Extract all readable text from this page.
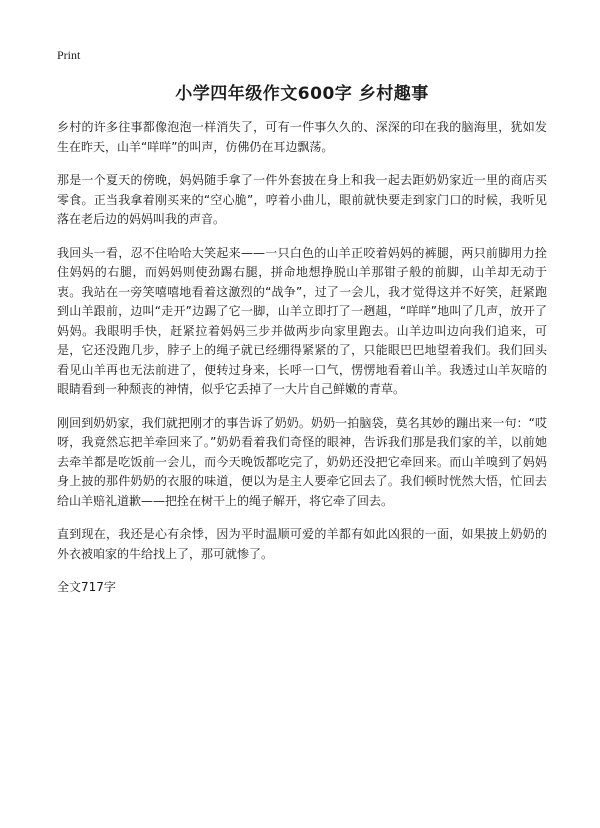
Print
小学四年级作文600字 乡村趣事

乡村的许多往事都像泡泡一样消失了，可有一件事久久的、深深的印在我的脑海里，犹如发生在昨天，山羊“咩咩”的叫声，仿佛仍在耳边飘荡。

那是一个夏天的傍晚，妈妈随手拿了一件外套披在身上和我一起去距奶奶家近一里的商店买零食。正当我拿着刚买来的“空心脆”，哼着小曲儿，眼前就快要走到家门口的时候，我听见落在老后边的妈妈叫我的声音。

我回头一看，忍不住哈哈大笑起来——一只白色的山羊正咬着妈妈的裤腿，两只前脚用力拴住妈妈的右腿，而妈妈则使劲踢右腿，拼命地想挣脱山羊那钳子般的前脚，山羊却无动于衷。我站在一旁笑嘻嘻地看着这激烈的“战争”，过了一会儿，我才觉得这并不好笑，赶紧跑到山羊跟前，边叫“走开”边踢了它一脚，山羊立即打了一趔趄，“咩咩”地叫了几声，放开了妈妈。我眼明手快，赶紧拉着妈妈三步并做两步向家里跑去。山羊边叫边向我们追来，可是，它还没跑几步，脖子上的绳子就已经绷得紧紧的了，只能眼巴巴地望着我们。我们回头看见山羊再也无法前进了，便转过身来，长呼一口气，愣愣地看着山羊。我透过山羊灰暗的眼睛看到一种颓丧的神情，似乎它丢掉了一大片自己鲜嫩的青草。

刚回到奶奶家，我们就把刚才的事告诉了奶奶。奶奶一拍脑袋，莫名其妙的蹦出来一句：“哎呀，我竟然忘把羊牵回来了。”奶奶看着我们奇怪的眼神，告诉我们那是我们家的羊，以前她去牵羊都是吃饭前一会儿，而今天晚饭都吃完了，奶奶还没把它牵回来。而山羊嗅到了妈妈身上披的那件奶奶的衣服的味道，便以为是主人要牵它回去了。我们顿时恍然大悟，忙回去给山羊赔礼道歉——把拴在树干上的绳子解开，将它牵了回去。

直到现在，我还是心有余悸，因为平时温顺可爱的羊都有如此凶狠的一面，如果披上奶奶的外衣被咱家的牛给找上了，那可就惨了。

全文717字
